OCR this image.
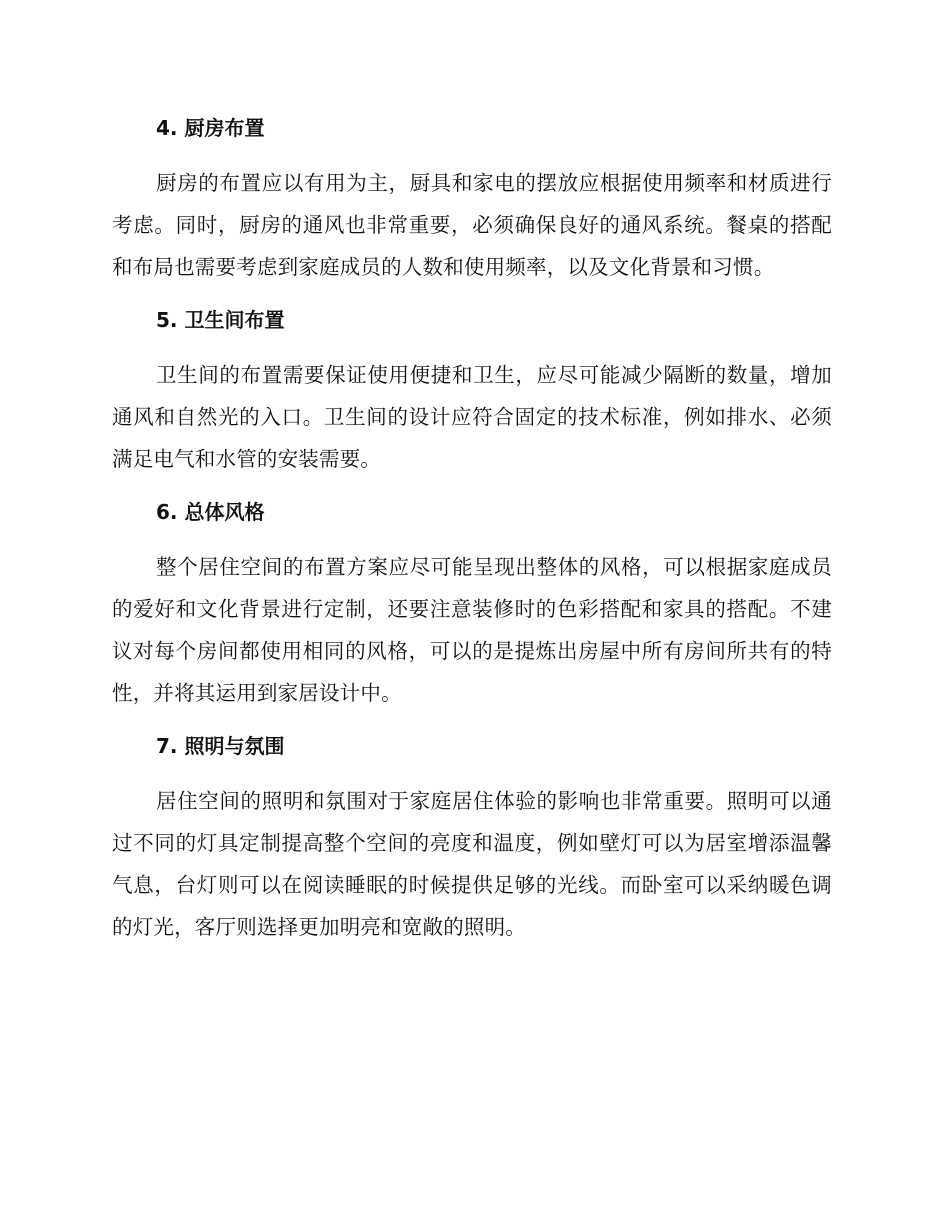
4. 厨房布置

厨房的布置应以有用为主，厨具和家电的摆放应根据使用频率和材质进行考虑。同时，厨房的通风也非常重要，必须确保良好的通风系统。餐桌的搭配和布局也需要考虑到家庭成员的人数和使用频率，以及文化背景和习惯。

5. 卫生间布置

卫生间的布置需要保证使用便捷和卫生，应尽可能减少隔断的数量，增加通风和自然光的入口。卫生间的设计应符合固定的技术标准，例如排水、必须满足电气和水管的安装需要。

6. 总体风格

整个居住空间的布置方案应尽可能呈现出整体的风格，可以根据家庭成员的爱好和文化背景进行定制，还要注意装修时的色彩搭配和家具的搭配。不建议对每个房间都使用相同的风格，可以的是提炼出房屋中所有房间所共有的特性，并将其运用到家居设计中。

7. 照明与氛围

居住空间的照明和氛围对于家庭居住体验的影响也非常重要。照明可以通过不同的灯具定制提高整个空间的亮度和温度，例如壁灯可以为居室增添温馨气息，台灯则可以在阅读睡眠的时候提供足够的光线。而卧室可以采纳暖色调的灯光，客厅则选择更加明亮和宽敞的照明。
